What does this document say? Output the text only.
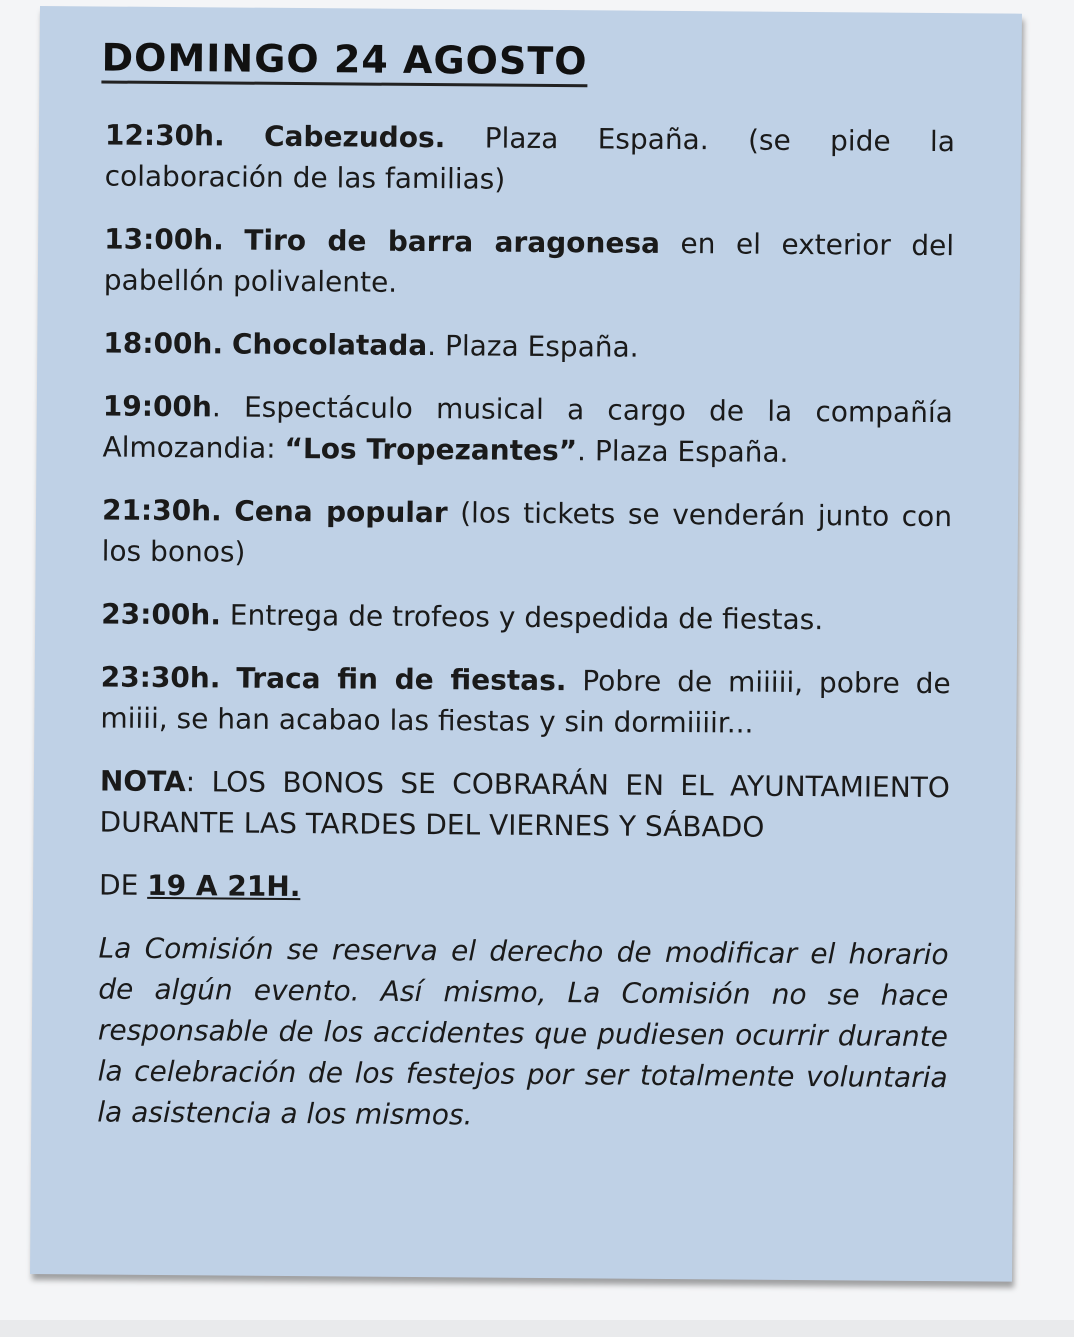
DOMINGO 24 AGOSTO

12:30h. Cabezudos. Plaza España. (se pide la colaboración de las familias)

13:00h. Tiro de barra aragonesa en el exterior del pabellón polivalente.

18:00h. Chocolatada. Plaza España.

19:00h. Espectáculo musical a cargo de la compañía Almozandia: “Los Tropezantes”. Plaza España.

21:30h. Cena popular (los tickets se venderán junto con los bonos)

23:00h. Entrega de trofeos y despedida de fiestas.

23:30h. Traca fin de fiestas. Pobre de miiiii, pobre de miiii, se han acabao las fiestas y sin dormiiiir...

NOTA: LOS BONOS SE COBRARÁN EN EL AYUNTAMIENTO DURANTE LAS TARDES DEL VIERNES Y SÁBADO

DE 19 A 21H.

La Comisión se reserva el derecho de modificar el horario de algún evento. Así mismo, La Comisión no se hace responsable de los accidentes que pudiesen ocurrir durante la celebración de los festejos por ser totalmente voluntaria la asistencia a los mismos.
